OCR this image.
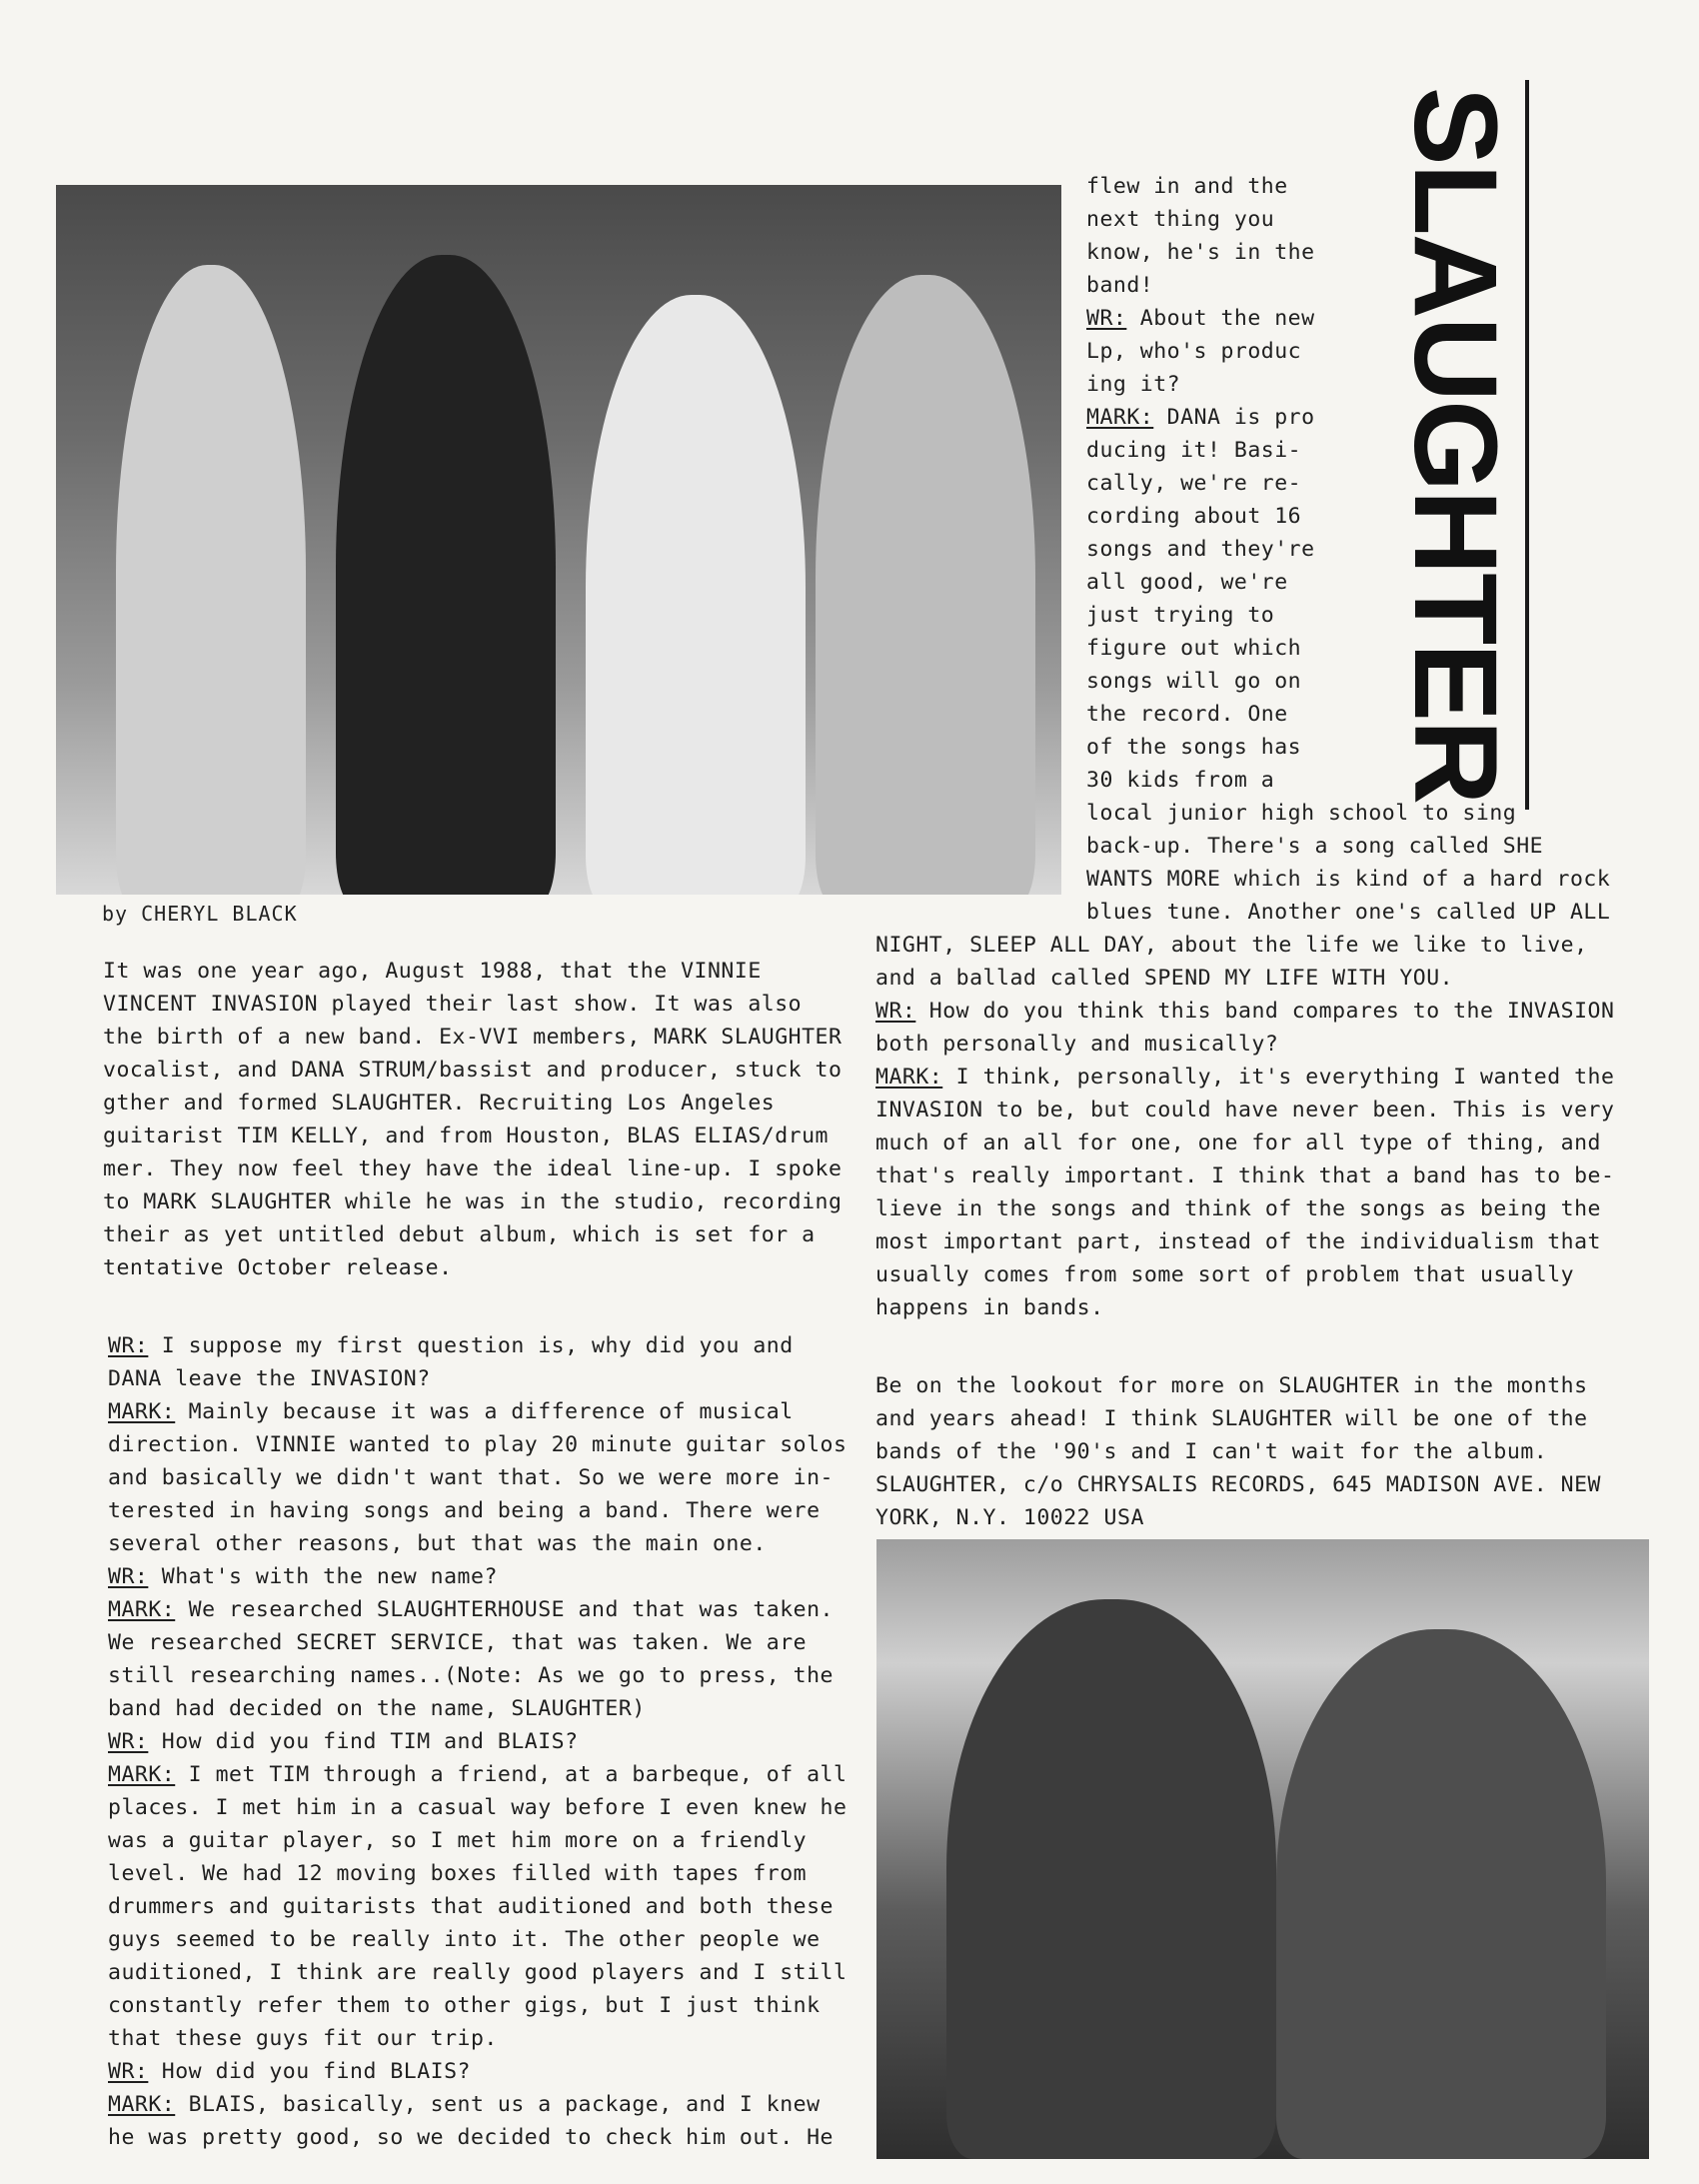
by CHERYL BLACK
SLAUGHTER
It was one year ago, August 1988, that the VINNIE
VINCENT INVASION played their last show. It was also
the birth of a new band. Ex-VVI members, MARK SLAUGHTER
vocalist, and DANA STRUM/bassist and producer, stuck to
gther and formed SLAUGHTER. Recruiting Los Angeles
guitarist TIM KELLY, and from Houston, BLAS ELIAS/drum
mer. They now feel they have the ideal line-up. I spoke
to MARK SLAUGHTER while he was in the studio, recording
their as yet untitled debut album, which is set for a
tentative October release.
WR: I suppose my first question is, why did you and
DANA leave the INVASION?
MARK: Mainly because it was a difference of musical
direction. VINNIE wanted to play 20 minute guitar solos
and basically we didn't want that. So we were more in-
terested in having songs and being a band. There were
several other reasons, but that was the main one.
WR: What's with the new name?
MARK: We researched SLAUGHTERHOUSE and that was taken.
We researched SECRET SERVICE, that was taken. We are
still researching names..(Note: As we go to press, the
band had decided on the name, SLAUGHTER)
WR: How did you find TIM and BLAIS?
MARK: I met TIM through a friend, at a barbeque, of all
places. I met him in a casual way before I even knew he
was a guitar player, so I met him more on a friendly
level. We had 12 moving boxes filled with tapes from
drummers and guitarists that auditioned and both these
guys seemed to be really into it. The other people we
auditioned, I think are really good players and I still
constantly refer them to other gigs, but I just think
that these guys fit our trip.
WR: How did you find BLAIS?
MARK: BLAIS, basically, sent us a package, and I knew
he was pretty good, so we decided to check him out. He
flew in and the
next thing you
know, he's in the
band!
WR: About the new
Lp, who's produc
ing it?
MARK: DANA is pro
ducing it! Basi-
cally, we're re-
cording about 16
songs and they're
all good, we're
just trying to
figure out which
songs will go on
the record. One
of the songs has
30 kids from a
local junior high school to sing
back-up. There's a song called SHE
WANTS MORE which is kind of a hard rock
blues tune. Another one's called UP ALL
NIGHT, SLEEP ALL DAY, about the life we like to live,
and a ballad called SPEND MY LIFE WITH YOU.
WR: How do you think this band compares to the INVASION
both personally and musically?
MARK: I think, personally, it's everything I wanted the
INVASION to be, but could have never been. This is very
much of an all for one, one for all type of thing, and
that's really important. I think that a band has to be-
lieve in the songs and think of the songs as being the
most important part, instead of the individualism that
usually comes from some sort of problem that usually
happens in bands.
Be on the lookout for more on SLAUGHTER in the months
and years ahead! I think SLAUGHTER will be one of the
bands of the '90's and I can't wait for the album.
SLAUGHTER, c/o CHRYSALIS RECORDS, 645 MADISON AVE. NEW
YORK, N.Y. 10022 USA
